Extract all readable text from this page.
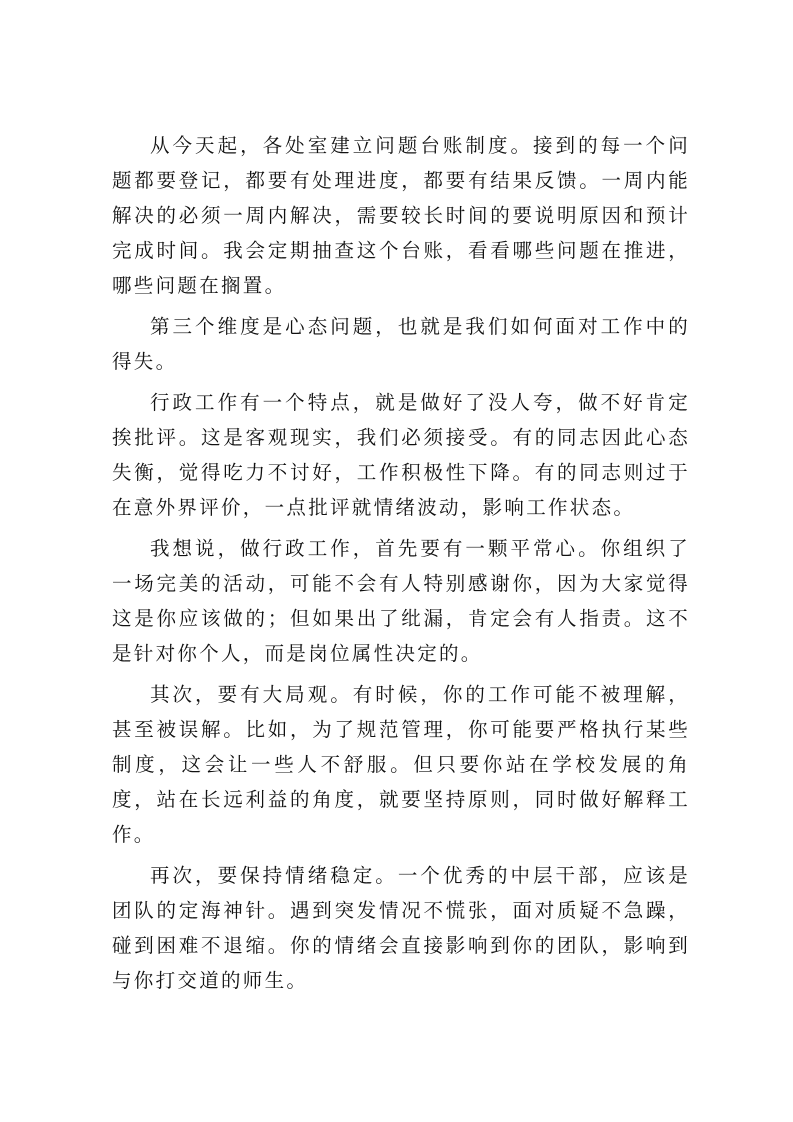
从今天起，各处室建立问题台账制度。接到的每一个问题都要登记，都要有处理进度，都要有结果反馈。一周内能解决的必须一周内解决，需要较长时间的要说明原因和预计完成时间。我会定期抽查这个台账，看看哪些问题在推进，哪些问题在搁置。

第三个维度是心态问题，也就是我们如何面对工作中的得失。

行政工作有一个特点，就是做好了没人夸，做不好肯定挨批评。这是客观现实，我们必须接受。有的同志因此心态失衡，觉得吃力不讨好，工作积极性下降。有的同志则过于在意外界评价，一点批评就情绪波动，影响工作状态。

我想说，做行政工作，首先要有一颗平常心。你组织了一场完美的活动，可能不会有人特别感谢你，因为大家觉得这是你应该做的；但如果出了纰漏，肯定会有人指责。这不是针对你个人，而是岗位属性决定的。

其次，要有大局观。有时候，你的工作可能不被理解，甚至被误解。比如，为了规范管理，你可能要严格执行某些制度，这会让一些人不舒服。但只要你站在学校发展的角度，站在长远利益的角度，就要坚持原则，同时做好解释工作。

再次，要保持情绪稳定。一个优秀的中层干部，应该是团队的定海神针。遇到突发情况不慌张，面对质疑不急躁，碰到困难不退缩。你的情绪会直接影响到你的团队，影响到与你打交道的师生。
